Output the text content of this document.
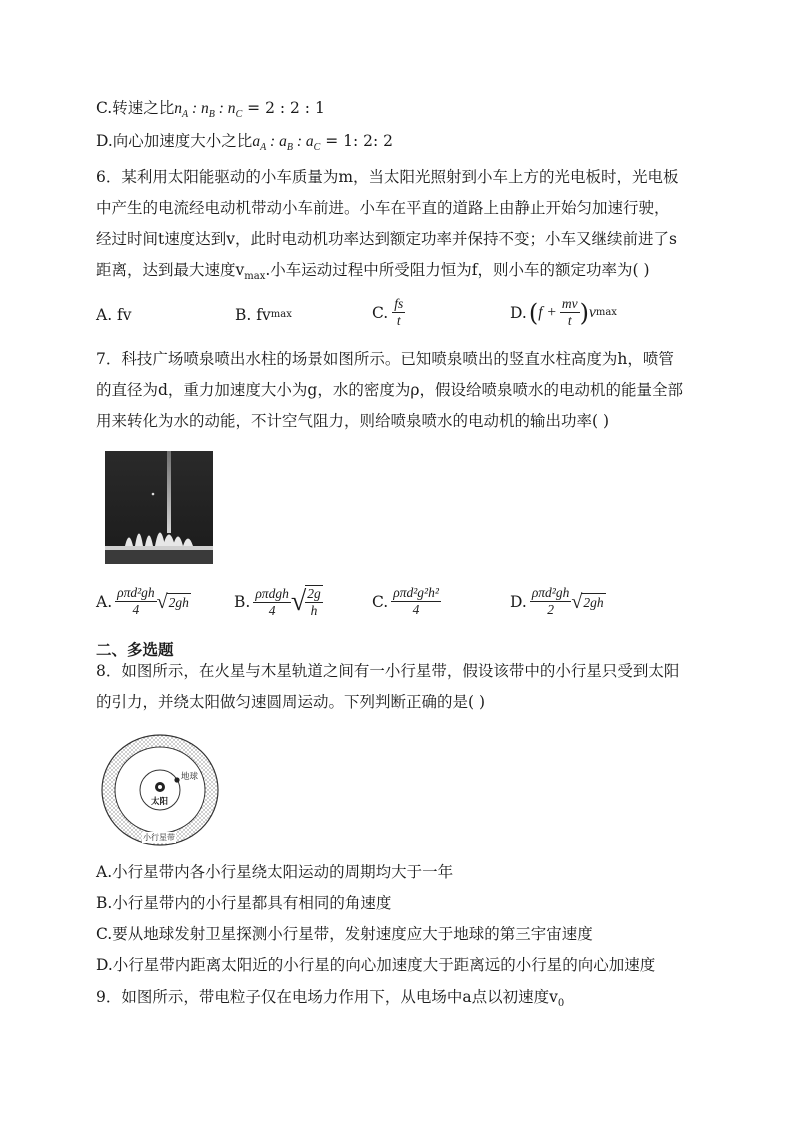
C.转速之比$n_A$ : $n_B$ : $n_C = 2$ : 2 : 1
D.向心加速度大小之比$a_A$ : $a_B$ : $a_C = 1$: 2: 2
6．某利用太阳能驱动的小车质量为m，当太阳光照射到小车上方的光电板时，光电板
中产生的电流经电动机带动小车前进。小车在平直的道路上由静止开始匀加速行驶，
经过时间t速度达到v，此时电动机功率达到额定功率并保持不变；小车又继续前进了s
距离，达到最大速度$v_{max}$.小车运动过程中所受阻力恒为f，则小车的额定功率为( )
A. fv	B. fv max	C. $\frac{fs}{t}$	D. ( $f + \frac{mv}{t}$ ) v max
7．科技广场喷泉喷出水柱的场景如图所示。已知喷泉喷出的竖直水柱高度为h，喷管
的直径为d，重力加速度大小为g，水的密度为ρ，假设给喷泉喷水的电动机的能量全部
用来转化为水的动能，不计空气阻力，则给喷泉喷水的电动机的输出功率( )
A. $\frac{\text{ρπd²gh}}{4}$ √ 2gh	B. $\frac{\text{ρπdgh}}{4}$ √ $\frac{2g}{h}$	C. $\frac{\text{ρπd²g²h²}}{4}$	D. $\frac{\text{ρπd²gh}}{2}$ √ 2gh
二、多选题
8．如图所示，在火星与木星轨道之间有一小行星带，假设该带中的小行星只受到太阳
的引力，并绕太阳做匀速圆周运动。下列判断正确的是( )
太阳
地球
小行星带
A.小行星带内各小行星绕太阳运动的周期均大于一年
B.小行星带内的小行星都具有相同的角速度
C.要从地球发射卫星探测小行星带，发射速度应大于地球的第三宇宙速度
D.小行星带内距离太阳近的小行星的向心加速度大于距离远的小行星的向心加速度
9．如图所示，带电粒子仅在电场力作用下，从电场中a点以初速度$v_0$
